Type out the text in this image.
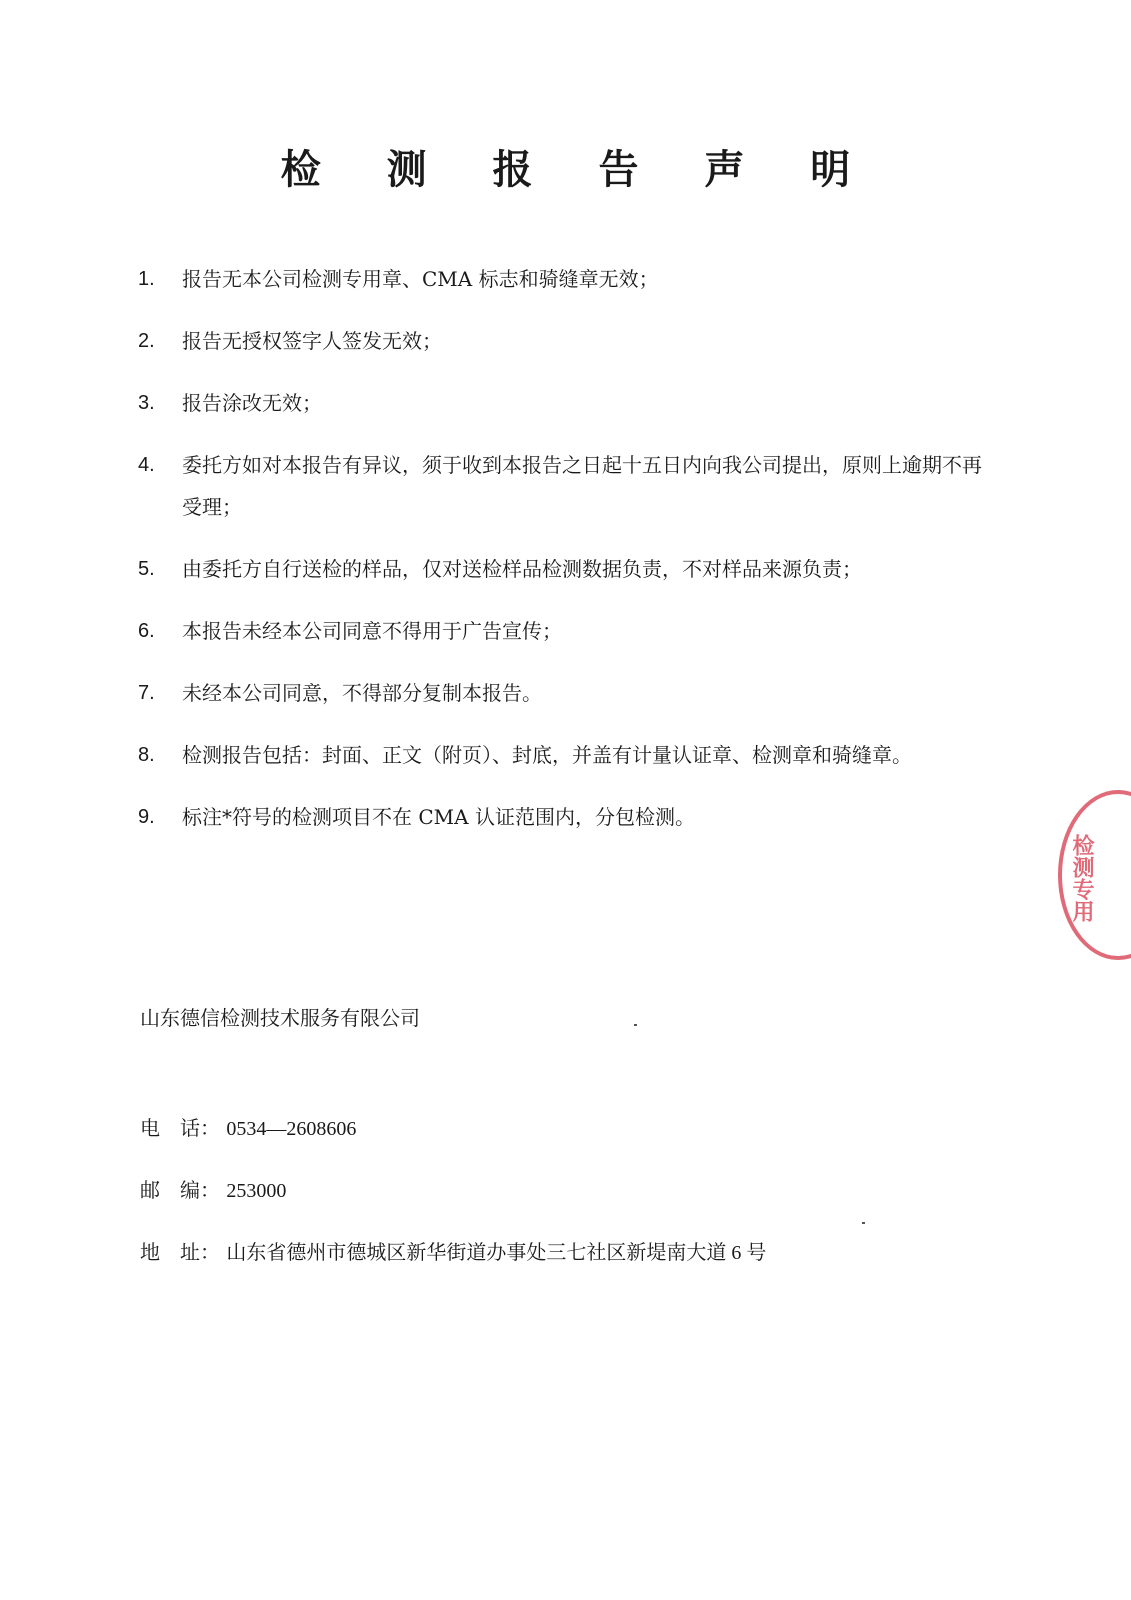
检 测 报 告 声 明
1. 报告无本公司检测专用章、CMA 标志和骑缝章无效；
2. 报告无授权签字人签发无效；
3. 报告涂改无效；
4. 委托方如对本报告有异议，须于收到本报告之日起十五日内向我公司提出，原则上逾期不再受理；
5. 由委托方自行送检的样品，仅对送检样品检测数据负责，不对样品来源负责；
6. 本报告未经本公司同意不得用于广告宣传；
7. 未经本公司同意，不得部分复制本报告。
8. 检测报告包括：封面、正文（附页）、封底，并盖有计量认证章、检测章和骑缝章。
9. 标注*符号的检测项目不在 CMA 认证范围内，分包检测。
山东德信检测技术服务有限公司
电　话： 0534—2608606
邮　编： 253000
地　址： 山东省德州市德城区新华街道办事处三七社区新堤南大道 6 号
检测专用
